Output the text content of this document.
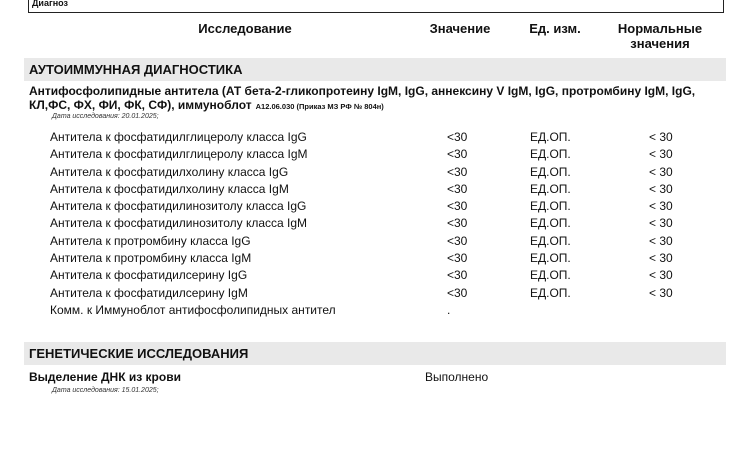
Диагноз
Исследование	Значение	Ед. изм.	Нормальные
значения
АУТОИММУННАЯ ДИАГНОСТИКА
Антифосфолипидные антитела (АТ бета-2-гликопротеину IgM, IgG, аннексину V IgM, IgG, протромбину IgM, IgG, КЛ,ФС, ФХ, ФИ, ФК, СФ), иммуноблот A12.06.030 (Приказ МЗ РФ № 804н)
Дата исследования: 20.01.2025;
Антитела к фосфатидилглицеролу класса IgG	<30	ЕД.ОП.	< 30
Антитела к фосфатидилглицеролу класса IgM	<30	ЕД.ОП.	< 30
Антитела к фосфатидилхолину класса IgG	<30	ЕД.ОП.	< 30
Антитела к фосфатидилхолину класса IgM	<30	ЕД.ОП.	< 30
Антитела к фосфатидилинозитолу класса IgG	<30	ЕД.ОП.	< 30
Антитела к фосфатидилинозитолу класса IgM	<30	ЕД.ОП.	< 30
Антитела к протромбину класса IgG	<30	ЕД.ОП.	< 30
Антитела к протромбину класса IgM	<30	ЕД.ОП.	< 30
Антитела к фосфатидилсерину IgG	<30	ЕД.ОП.	< 30
Антитела к фосфатидилсерину IgM	<30	ЕД.ОП.	< 30
Комм. к Иммуноблот антифосфолипидных антител	.
ГЕНЕТИЧЕСКИЕ ИССЛЕДОВАНИЯ
Выделение ДНК из крови	Выполнено
Дата исследования: 15.01.2025;
